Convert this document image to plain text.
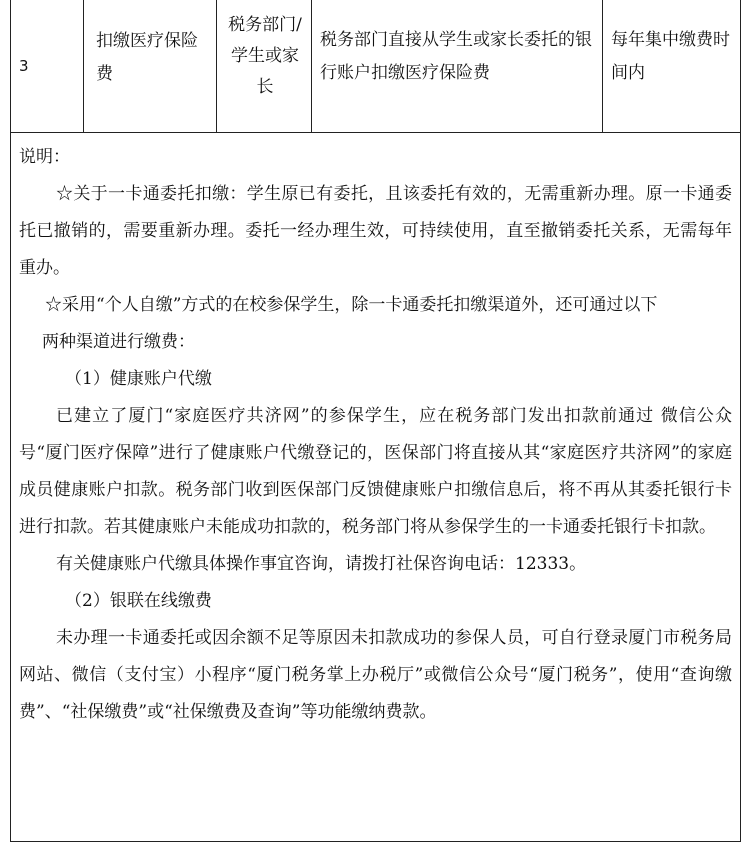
3
扣缴医疗保险费
税务部门/学生或家长
税务部门直接从学生或家长委托的银行账户扣缴医疗保险费
每年集中缴费时间内

说明：

☆关于一卡通委托扣缴：学生原已有委托，且该委托有效的，无需重新办理。原一卡通委托已撤销的，需要重新办理。委托一经办理生效，可持续使用，直至撤销委托关系，无需每年重办。

☆采用“个人自缴”方式的在校参保学生，除一卡通委托扣缴渠道外，还可通过以下

两种渠道进行缴费：

（1）健康账户代缴

已建立了厦门“家庭医疗共济网”的参保学生，应在税务部门发出扣款前通过 微信公众号“厦门医疗保障”进行了健康账户代缴登记的，医保部门将直接从其“家庭医疗共济网”的家庭成员健康账户扣款。税务部门收到医保部门反馈健康账户扣缴信息后，将不再从其委托银行卡进行扣款。若其健康账户未能成功扣款的，税务部门将从参保学生的一卡通委托银行卡扣款。

有关健康账户代缴具体操作事宜咨询，请拨打社保咨询电话：12333。

（2）银联在线缴费

未办理一卡通委托或因余额不足等原因未扣款成功的参保人员，可自行登录厦门市税务局网站、微信（支付宝）小程序“厦门税务掌上办税厅”或微信公众号“厦门税务”，使用“查询缴费”、“社保缴费”或“社保缴费及查询”等功能缴纳费款。
